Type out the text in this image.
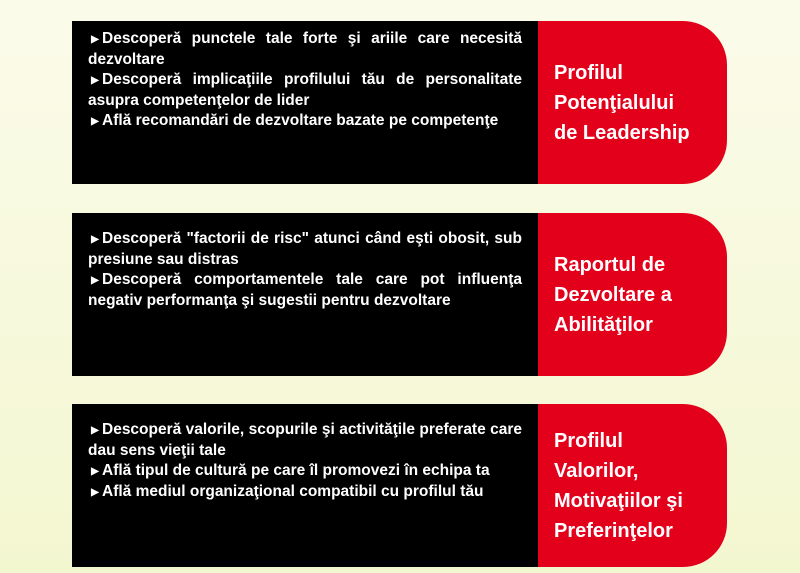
▶ Descoperă punctele tale forte şi ariile care necesită dezvoltare

▶ Descoperă implicaţiile profilului tău de personalitate asupra competenţelor de lider

▶ Află recomandări de dezvoltare bazate pe competenţe

Profilul
Potenţialului
de Leadership

▶ Descoperă "factorii de risc" atunci când eşti obosit, sub presiune sau distras

▶ Descoperă comportamentele tale care pot influenţa negativ performanţa şi sugestii pentru dezvoltare

Raportul de
Dezvoltare a
Abilităţilor

▶ Descoperă valorile, scopurile şi activităţile preferate care dau sens vieţii tale

▶ Află tipul de cultură pe care îl promovezi în echipa ta

▶ Află mediul organizaţional compatibil cu profilul tău

Profilul
Valorilor,
Motivaţiilor şi
Preferinţelor
